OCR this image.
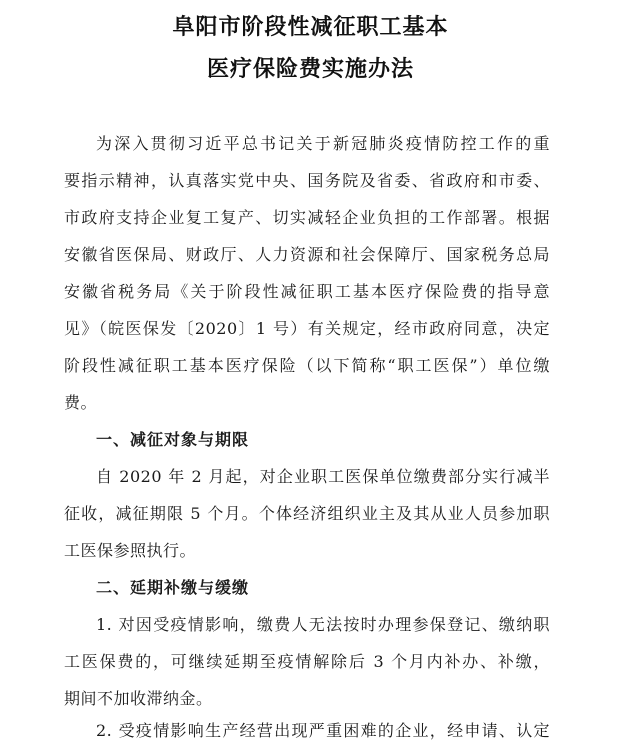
阜阳市阶段性减征职工基本
医疗保险费实施办法
为深入贯彻习近平总书记关于新冠肺炎疫情防控工作的重
要指示精神，认真落实党中央、国务院及省委、省政府和市委、
市政府支持企业复工复产、切实减轻企业负担的工作部署。根据
安徽省医保局、财政厅、人力资源和社会保障厅、国家税务总局
安徽省税务局《关于阶段性减征职工基本医疗保险费的指导意
见》（皖医保发〔2020〕1 号）有关规定，经市政府同意，决定
阶段性减征职工基本医疗保险（以下简称“职工医保”）单位缴
费。
一、减征对象与期限
自 2020 年 2 月起，对企业职工医保单位缴费部分实行减半
征收，减征期限 5 个月。个体经济组织业主及其从业人员参加职
工医保参照执行。
二、延期补缴与缓缴
1. 对因受疫情影响，缴费人无法按时办理参保登记、缴纳职
工医保费的，可继续延期至疫情解除后 3 个月内补办、补缴，
期间不加收滞纳金。
2. 受疫情影响生产经营出现严重困难的企业，经申请、认定
